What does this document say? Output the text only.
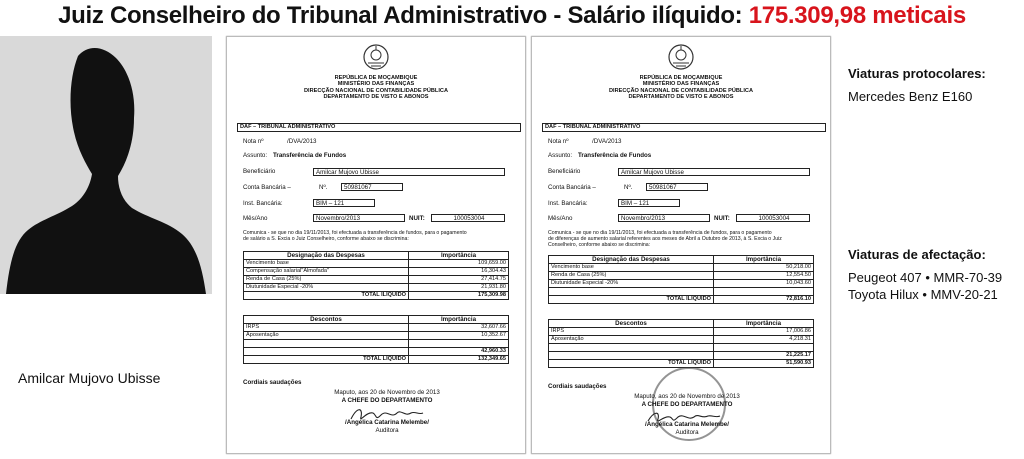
Juiz Conselheiro do Tribunal Administrativo - Salário ilíquido: 175.309,98 meticais
Amilcar Mujovo Ubisse
REPÚBLICA DE MOÇAMBIQUE
MINISTÉRIO DAS FINANÇAS
DIRECÇÃO NACIONAL DE CONTABILIDADE PÚBLICA
DEPARTAMENTO DE VISTO E ABONOS
DAF – TRIBUNAL ADMINISTRATIVO
Nota nº	/DVA/2013
Assunto: Transferência de Fundos
Beneficiário	Amilcar Mujovo Ubisse
Conta Bancária –	Nº.	50981067
Inst. Bancária:	BIM – 121
Mês/Ano	Novembro/2013	NUIT:	100053004
Comunica - se que no dia 19/11/2013, foi efectuada a transferência de fundos, para o pagamento
de salário a S. Excia o Juiz Conselheiro, conforme abaixo se discrimina:
Designação das Despesas	Importância
Vencimento base	109,659.00
Compensação salarial"Almofada"	16,304.43
Renda de Casa (25%)	27,414.75
Diutunidade Especial -20%	21,931.80
TOTAL ILÍQUIDO	175,309.98
Descontos	Importância
IRPS	32,607.66
Aposentação	10,352.67

	42,960.33
TOTAL LÍQUIDO	132,349.65
Cordiais saudações
Maputo, aos 20 de Novembro de 2013
A CHEFE DO DEPARTAMENTO
/Angélica Catarina Melembe/
Auditora
REPÚBLICA DE MOÇAMBIQUE
MINISTÉRIO DAS FINANÇAS
DIRECÇÃO NACIONAL DE CONTABILIDADE PÚBLICA
DEPARTAMENTO DE VISTO E ABONOS
DAF – TRIBUNAL ADMINISTRATIVO
Nota nº	/DVA/2013
Assunto: Transferência de Fundos
Beneficiário	Amilcar Mujovo Ubisse
Conta Bancária –	Nº.	50981067
Inst. Bancária:	BIM – 121
Mês/Ano	Novembro/2013	NUIT:	100053004
Comunica - se que no dia 19/11/2013, foi efectuada a transferência de fundos, para o pagamento
de diferenças de aumento salarial referentes aos meses de Abril a Outubro de 2013, à S. Excia o Juiz
Conselheiro, conforme abaixo se discrimina:
Designação das Despesas	Importância
Vencimento base	50,218.00
Renda de Casa (25%)	12,554.50
Diutunidade Especial -20%	10,043.60

TOTAL ILÍQUIDO	72,816.10
Descontos	Importância
IRPS	17,006.86
Aposentação	4,218.31

	21,225.17
TOTAL LÍQUIDO	51,590.93
Cordiais saudações
Maputo, aos 20 de Novembro de 2013
A CHEFE DO DEPARTAMENTO
/Angélica Catarina Melembe/
Auditora
Viaturas protocolares:
Mercedes Benz E160
Viaturas de afectação:
Peugeot 407 • MMR-70-39
Toyota Hilux • MMV-20-21
